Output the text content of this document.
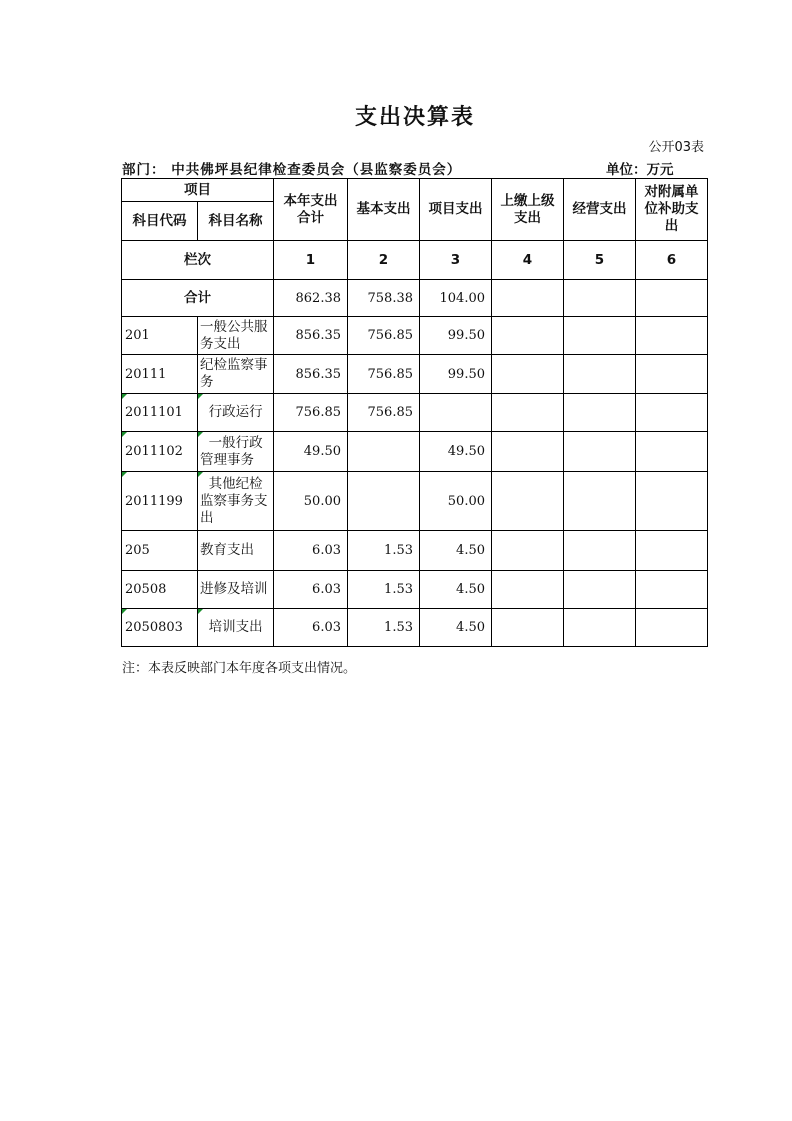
支出决算表
公开03表
部门： 中共佛坪县纪律检查委员会（县监察委员会）	单位：万元
项目		本年支出合计	基本支出	项目支出	上缴上级支出	经营支出	对附属单位补助支出
科目代码	科目名称						
栏次		1	2	3	4	5	6
合计		862.38	758.38	104.00			
201	一般公共服务支出	856.35	756.85	99.50			
20111	纪检监察事务	856.35	756.85	99.50			
2011101	行政运行	756.85	756.85				
2011102	一般行政管理事务	49.50		49.50			
2011199	其他纪检监察事务支出	50.00		50.00			
205	教育支出	6.03	1.53	4.50			
20508	进修及培训	6.03	1.53	4.50			
2050803	培训支出	6.03	1.53	4.50			
注：本表反映部门本年度各项支出情况。
